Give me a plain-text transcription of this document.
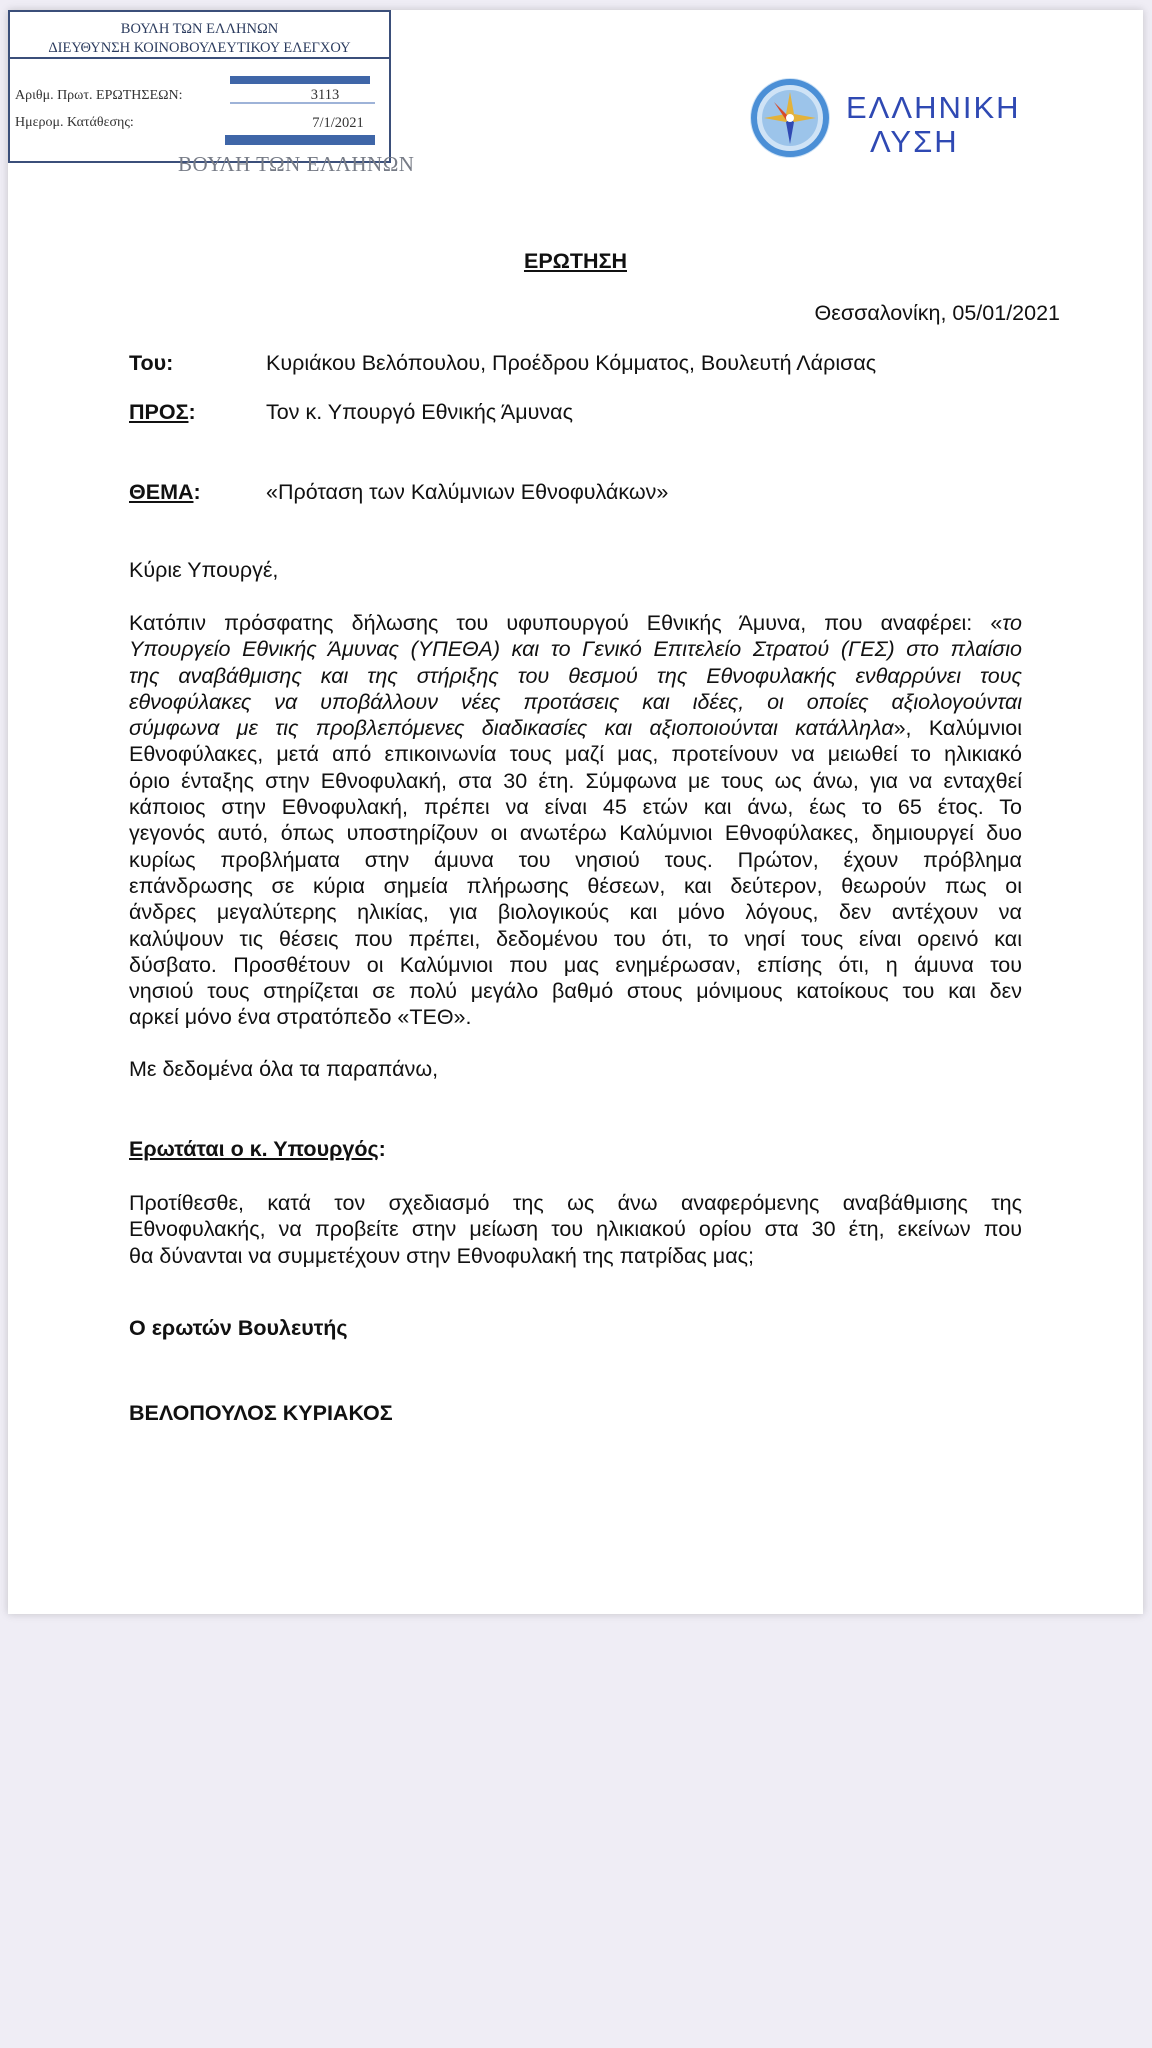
ΒΟΥΛΗ ΤΩΝ ΕΛΛΗΝΩΝ
ΔΙΕΥΘΥΝΣΗ ΚΟΙΝΟΒΟΥΛΕΥΤΙΚΟΥ ΕΛΕΓΧΟΥ
Αριθμ. Πρωτ. ΕΡΩΤΗΣΕΩΝ:	3113
Ημερομ. Κατάθεσης:	7/1/2021
ΒΟΥΛΗ ΤΩΝ ΕΛΛΗΝΩΝ
ΕΛΛΗΝΙΚΗ
ΛΥΣΗ
ΕΡΩΤΗΣΗ
Θεσσαλονίκη, 05/01/2021
Του:	Κυριάκου Βελόπουλου, Προέδρου Κόμματος, Βουλευτή Λάρισας
ΠΡΟΣ:	Τον κ. Υπουργό Εθνικής Άμυνας
ΘΕΜΑ:	«Πρόταση των Καλύμνιων Εθνοφυλάκων»
Κύριε Υπουργέ,
Κατόπιν πρόσφατης δήλωσης του υφυπουργού Εθνικής Άμυνα, που αναφέρει: «το
Υπουργείο Εθνικής Άμυνας (ΥΠΕΘΑ) και το Γενικό Επιτελείο Στρατού (ΓΕΣ) στο πλαίσιο
της αναβάθμισης και της στήριξης του θεσμού της Εθνοφυλακής ενθαρρύνει τους
εθνοφύλακες να υποβάλλουν νέες προτάσεις και ιδέες, οι οποίες αξιολογούνται
σύμφωνα με τις προβλεπόμενες διαδικασίες και αξιοποιούνται κατάλληλα», Καλύμνιοι
Εθνοφύλακες, μετά από επικοινωνία τους μαζί μας, προτείνουν να μειωθεί το ηλικιακό
όριο ένταξης στην Εθνοφυλακή, στα 30 έτη. Σύμφωνα με τους ως άνω, για να ενταχθεί
κάποιος στην Εθνοφυλακή, πρέπει να είναι 45 ετών και άνω, έως το 65 έτος. Το
γεγονός αυτό, όπως υποστηρίζουν οι ανωτέρω Καλύμνιοι Εθνοφύλακες, δημιουργεί δυο
κυρίως προβλήματα στην άμυνα του νησιού τους. Πρώτον, έχουν πρόβλημα
επάνδρωσης σε κύρια σημεία πλήρωσης θέσεων, και δεύτερον, θεωρούν πως οι
άνδρες μεγαλύτερης ηλικίας, για βιολογικούς και μόνο λόγους, δεν αντέχουν να
καλύψουν τις θέσεις που πρέπει, δεδομένου του ότι, το νησί τους είναι ορεινό και
δύσβατο. Προσθέτουν οι Καλύμνιοι που μας ενημέρωσαν, επίσης ότι, η άμυνα του
νησιού τους στηρίζεται σε πολύ μεγάλο βαθμό στους μόνιμους κατοίκους του και δεν
αρκεί μόνο ένα στρατόπεδο «ΤΕΘ».
Με δεδομένα όλα τα παραπάνω,
Ερωτάται ο κ. Υπουργός:
Προτίθεσθε, κατά τον σχεδιασμό της ως άνω αναφερόμενης αναβάθμισης της
Εθνοφυλακής, να προβείτε στην μείωση του ηλικιακού ορίου στα 30 έτη, εκείνων που
θα δύνανται να συμμετέχουν στην Εθνοφυλακή της πατρίδας μας;
Ο ερωτών Βουλευτής
ΒΕΛΟΠΟΥΛΟΣ ΚΥΡΙΑΚΟΣ
